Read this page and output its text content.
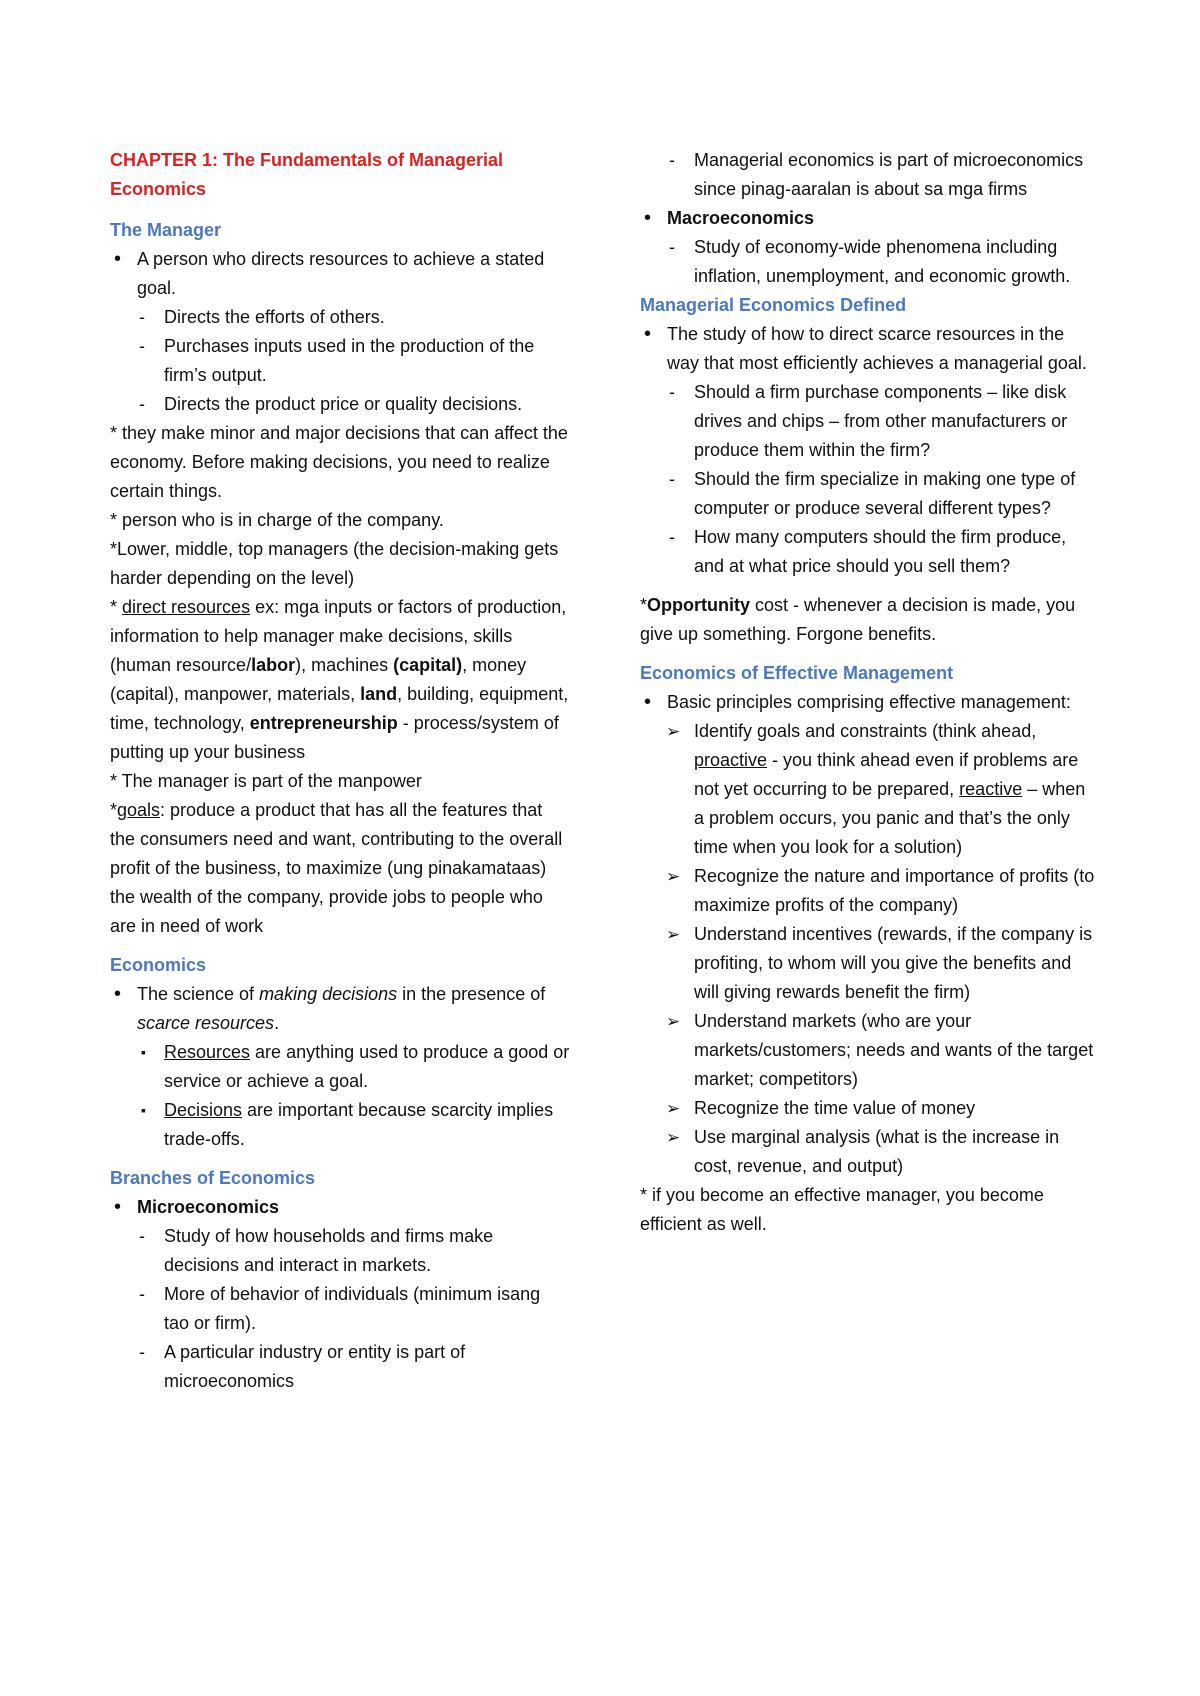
CHAPTER 1: The Fundamentals of Managerial Economics

The Manager

• A person who directs resources to achieve a stated goal.
- Directs the efforts of others.
- Purchases inputs used in the production of the firm’s output.
- Directs the product price or quality decisions.

* they make minor and major decisions that can affect the economy. Before making decisions, you need to realize certain things.

* person who is in charge of the company.

*Lower, middle, top managers (the decision-making gets harder depending on the level)

* direct resources ex: mga inputs or factors of production, information to help manager make decisions, skills (human resource/labor), machines (capital), money (capital), manpower, materials, land, building, equipment, time, technology, entrepreneurship - process/system of putting up your business

* The manager is part of the manpower

*goals: produce a product that has all the features that the consumers need and want, contributing to the overall profit of the business, to maximize (ung pinakamataas) the wealth of the company, provide jobs to people who are in need of work

Economics

• The science of making decisions in the presence of scarce resources.
▪ Resources are anything used to produce a good or service or achieve a goal.
▪ Decisions are important because scarcity implies trade-offs.

Branches of Economics

• Microeconomics
- Study of how households and firms make decisions and interact in markets.
- More of behavior of individuals (minimum isang tao or firm).
- A particular industry or entity is part of microeconomics
- Managerial economics is part of microeconomics since pinag-aaralan is about sa mga firms
• Macroeconomics
- Study of economy-wide phenomena including inflation, unemployment, and economic growth.

Managerial Economics Defined

• The study of how to direct scarce resources in the way that most efficiently achieves a managerial goal.
- Should a firm purchase components – like disk drives and chips – from other manufacturers or produce them within the firm?
- Should the firm specialize in making one type of computer or produce several different types?
- How many computers should the firm produce, and at what price should you sell them?

*Opportunity cost - whenever a decision is made, you give up something. Forgone benefits.

Economics of Effective Management

• Basic principles comprising effective management:
➢ Identify goals and constraints (think ahead, proactive - you think ahead even if problems are not yet occurring to be prepared, reactive – when a problem occurs, you panic and that’s the only time when you look for a solution)
➢ Recognize the nature and importance of profits (to maximize profits of the company)
➢ Understand incentives (rewards, if the company is profiting, to whom will you give the benefits and will giving rewards benefit the firm)
➢ Understand markets (who are your markets/customers; needs and wants of the target market; competitors)
➢ Recognize the time value of money
➢ Use marginal analysis (what is the increase in cost, revenue, and output)

* if you become an effective manager, you become efficient as well.
